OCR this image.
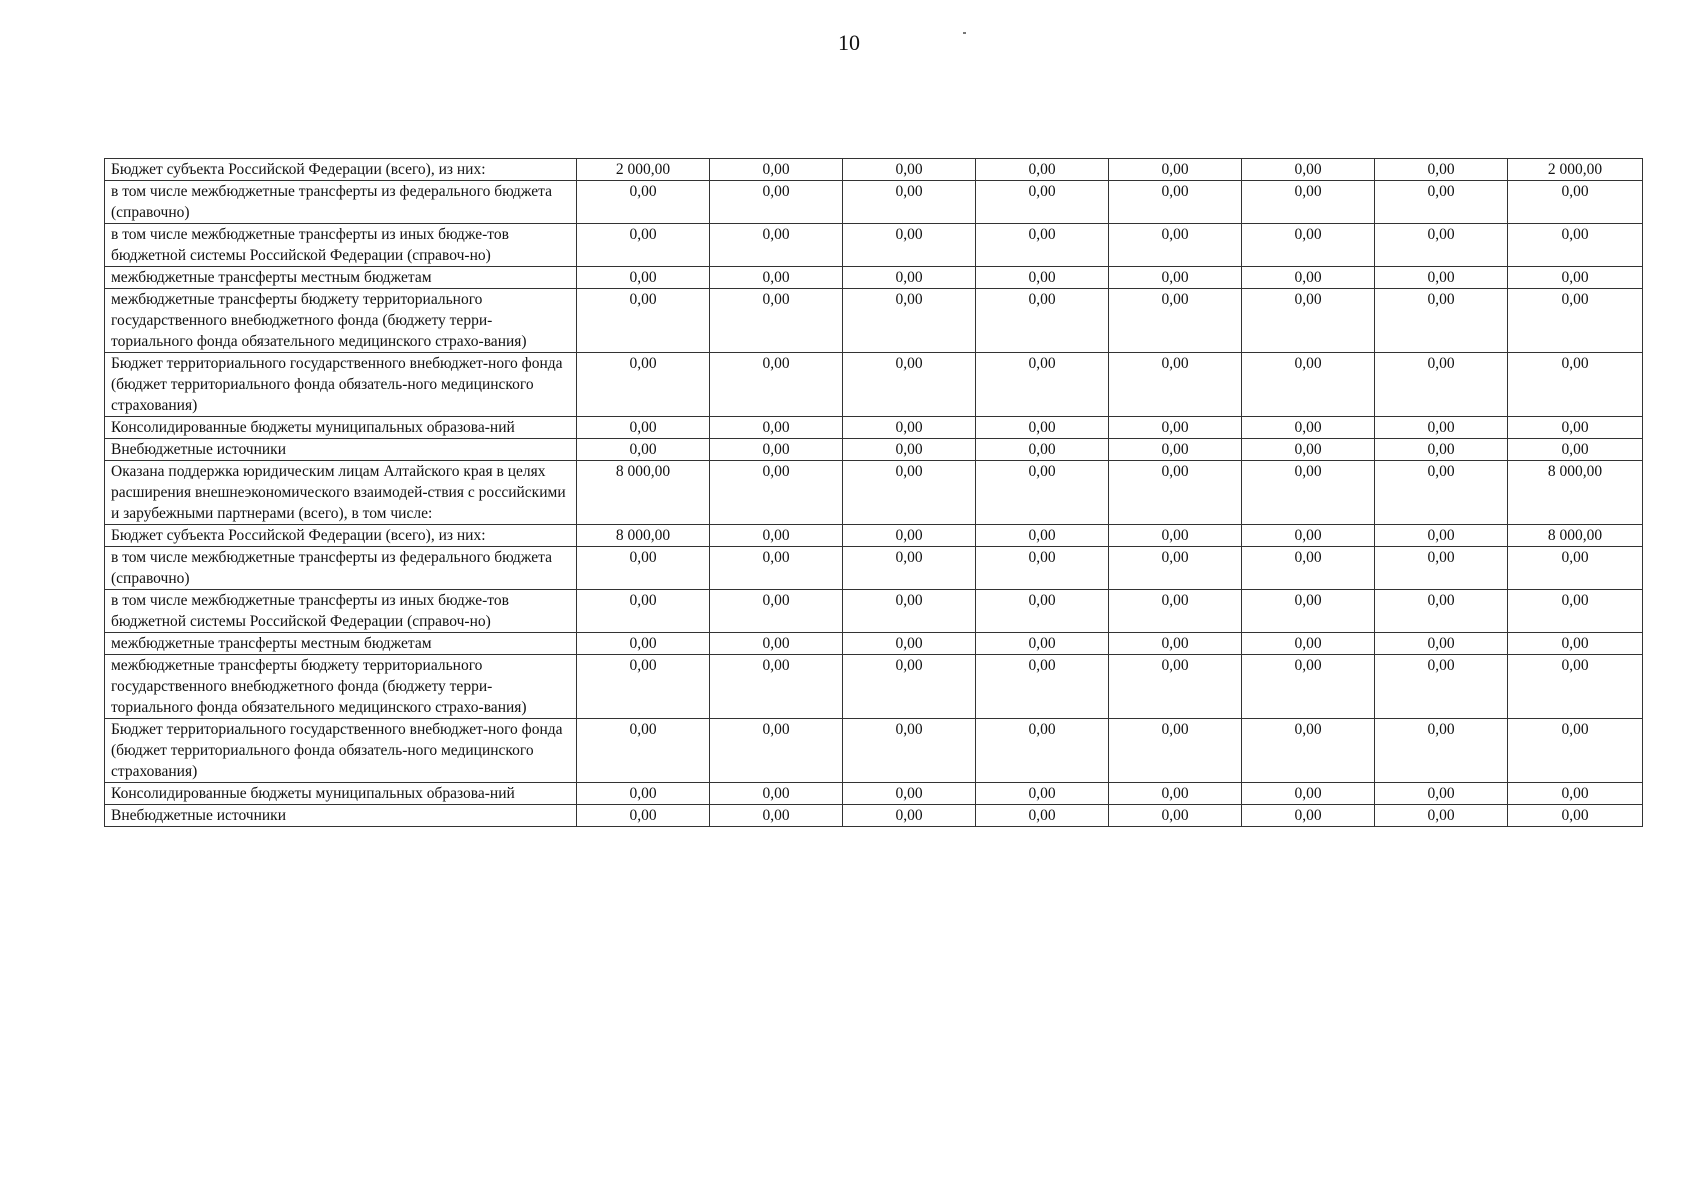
10
Бюджет субъекта Российской Федерации (всего), из них:	2 000,00	0,00	0,00	0,00	0,00	0,00	0,00	2 000,00
в том числе межбюджетные трансферты из федерального бюджета (справочно)	0,00	0,00	0,00	0,00	0,00	0,00	0,00	0,00
в том числе межбюджетные трансферты из иных бюдже-тов бюджетной системы Российской Федерации (справоч-но)	0,00	0,00	0,00	0,00	0,00	0,00	0,00	0,00
межбюджетные трансферты местным бюджетам	0,00	0,00	0,00	0,00	0,00	0,00	0,00	0,00
межбюджетные трансферты бюджету территориального государственного внебюджетного фонда (бюджету терри-ториального фонда обязательного медицинского страхо-вания)	0,00	0,00	0,00	0,00	0,00	0,00	0,00	0,00
Бюджет территориального государственного внебюджет-ного фонда (бюджет территориального фонда обязатель-ного медицинского страхования)	0,00	0,00	0,00	0,00	0,00	0,00	0,00	0,00
Консолидированные бюджеты муниципальных образова-ний	0,00	0,00	0,00	0,00	0,00	0,00	0,00	0,00
Внебюджетные источники	0,00	0,00	0,00	0,00	0,00	0,00	0,00	0,00
Оказана поддержка юридическим лицам Алтайского края в целях расширения внешнеэкономического взаимодей-ствия с российскими и зарубежными партнерами (всего), в том числе:	8 000,00	0,00	0,00	0,00	0,00	0,00	0,00	8 000,00
Бюджет субъекта Российской Федерации (всего), из них:	8 000,00	0,00	0,00	0,00	0,00	0,00	0,00	8 000,00
в том числе межбюджетные трансферты из федерального бюджета (справочно)	0,00	0,00	0,00	0,00	0,00	0,00	0,00	0,00
в том числе межбюджетные трансферты из иных бюдже-тов бюджетной системы Российской Федерации (справоч-но)	0,00	0,00	0,00	0,00	0,00	0,00	0,00	0,00
межбюджетные трансферты местным бюджетам	0,00	0,00	0,00	0,00	0,00	0,00	0,00	0,00
межбюджетные трансферты бюджету территориального государственного внебюджетного фонда (бюджету терри-ториального фонда обязательного медицинского страхо-вания)	0,00	0,00	0,00	0,00	0,00	0,00	0,00	0,00
Бюджет территориального государственного внебюджет-ного фонда (бюджет территориального фонда обязатель-ного медицинского страхования)	0,00	0,00	0,00	0,00	0,00	0,00	0,00	0,00
Консолидированные бюджеты муниципальных образова-ний	0,00	0,00	0,00	0,00	0,00	0,00	0,00	0,00
Внебюджетные источники	0,00	0,00	0,00	0,00	0,00	0,00	0,00	0,00
